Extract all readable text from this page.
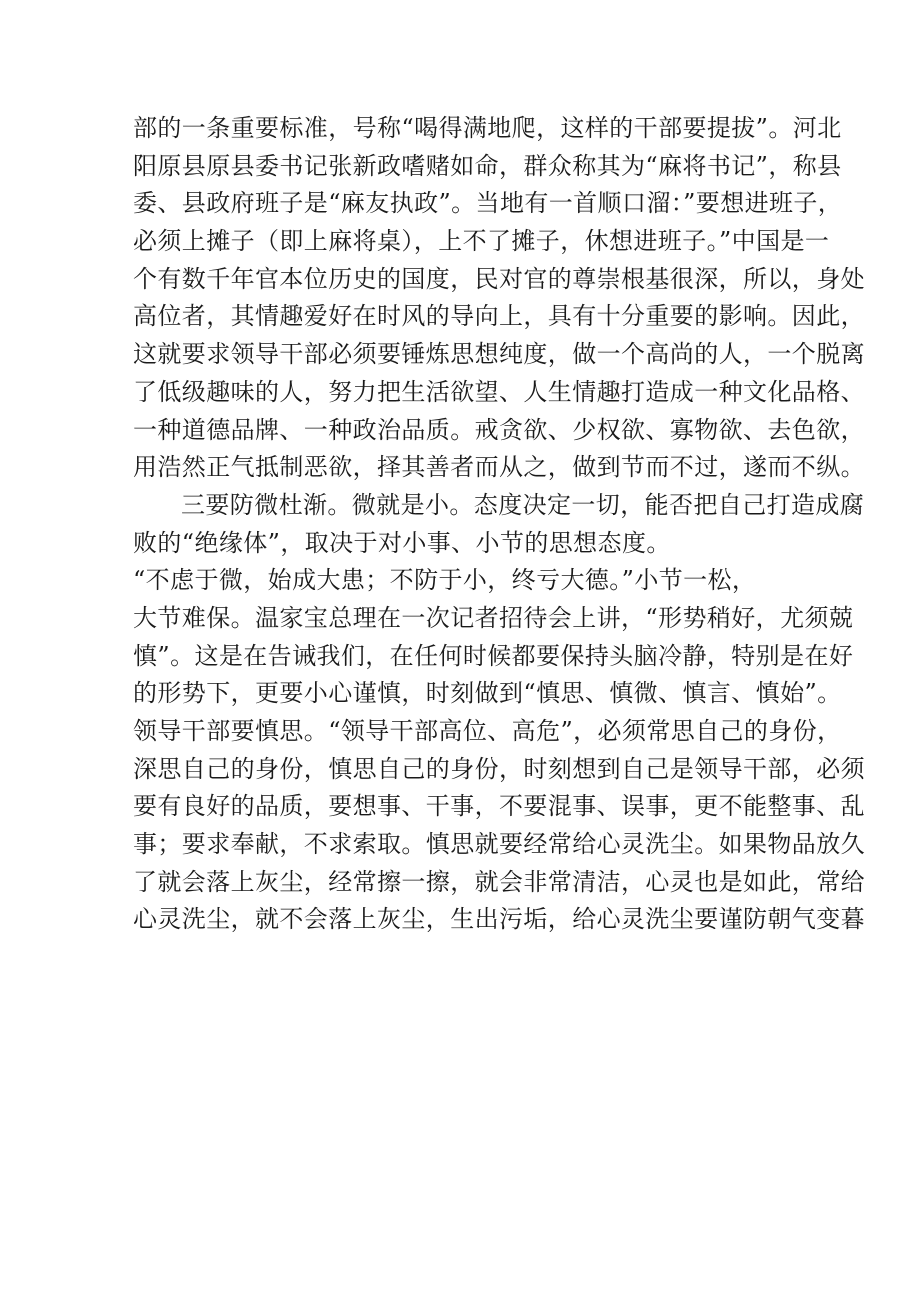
部的一条重要标准，号称“喝得满地爬，这样的干部要提拔”。河北
阳原县原县委书记张新政嗜赌如命，群众称其为“麻将书记”，称县
委、县政府班子是“麻友执政”。当地有一首顺口溜：”要想进班子，
必须上摊子（即上麻将桌），上不了摊子，休想进班子。”中国是一
个有数千年官本位历史的国度，民对官的尊崇根基很深，所以，身处
高位者，其情趣爱好在时风的导向上，具有十分重要的影响。因此，
这就要求领导干部必须要锤炼思想纯度，做一个高尚的人，一个脱离
了低级趣味的人，努力把生活欲望、人生情趣打造成一种文化品格、
一种道德品牌、一种政治品质。戒贪欲、少权欲、寡物欲、去色欲，
用浩然正气抵制恶欲，择其善者而从之，做到节而不过，遂而不纵。
三要防微杜渐。微就是小。态度决定一切，能否把自己打造成腐
败的“绝缘体”，取决于对小事、小节的思想态度。
“不虑于微，始成大患；不防于小，终亏大德。”小节一松，
大节难保。温家宝总理在一次记者招待会上讲，“形势稍好，尤须兢
慎”。这是在告诫我们，在任何时候都要保持头脑冷静，特别是在好
的形势下，更要小心谨慎，时刻做到“慎思、慎微、慎言、慎始”。
领导干部要慎思。“领导干部高位、高危”，必须常思自己的身份，
深思自己的身份，慎思自己的身份，时刻想到自己是领导干部，必须
要有良好的品质，要想事、干事，不要混事、误事，更不能整事、乱
事；要求奉献，不求索取。慎思就要经常给心灵洗尘。如果物品放久
了就会落上灰尘，经常擦一擦，就会非常清洁，心灵也是如此，常给
心灵洗尘，就不会落上灰尘，生出污垢，给心灵洗尘要谨防朝气变暮
